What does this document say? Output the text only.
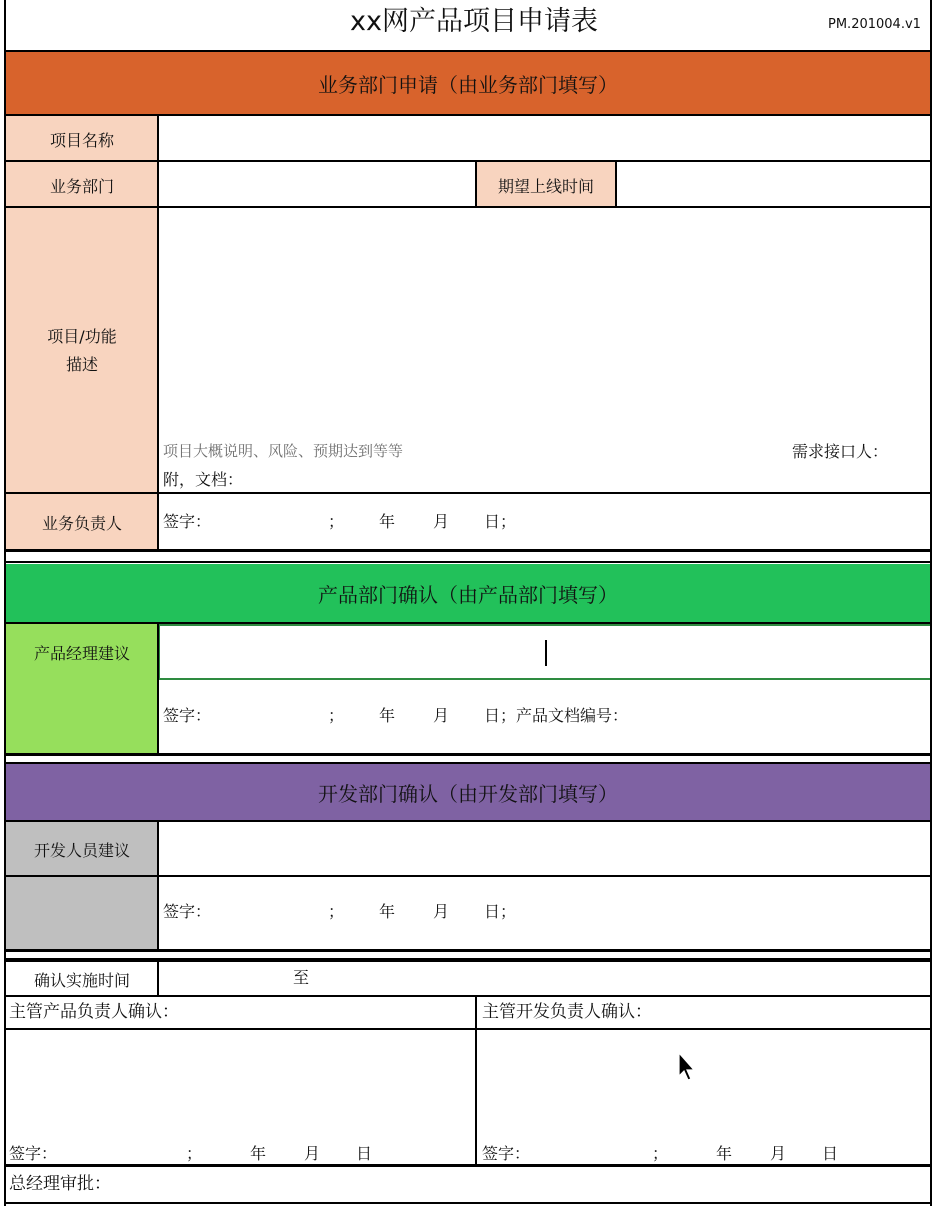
xx网产品项目申请表	PM.201004.v1
业务部门申请（由业务部门填写）
项目名称
业务部门	期望上线时间
项目/功能
描述
项目大概说明、风险、预期达到等等	需求接口人：
附，文档：
业务负责人	签字：	； 年 月 日；
产品部门确认（由产品部门填写）
产品经理建议
签字：	； 年 月 日；产品文档编号：
开发部门确认（由开发部门填写）
开发人员建议
签字：	； 年 月 日；
确认实施时间	至
主管产品负责人确认：	主管开发负责人确认：
签字：	；	年 月 日	签字：	；	年 月 日
总经理审批：
